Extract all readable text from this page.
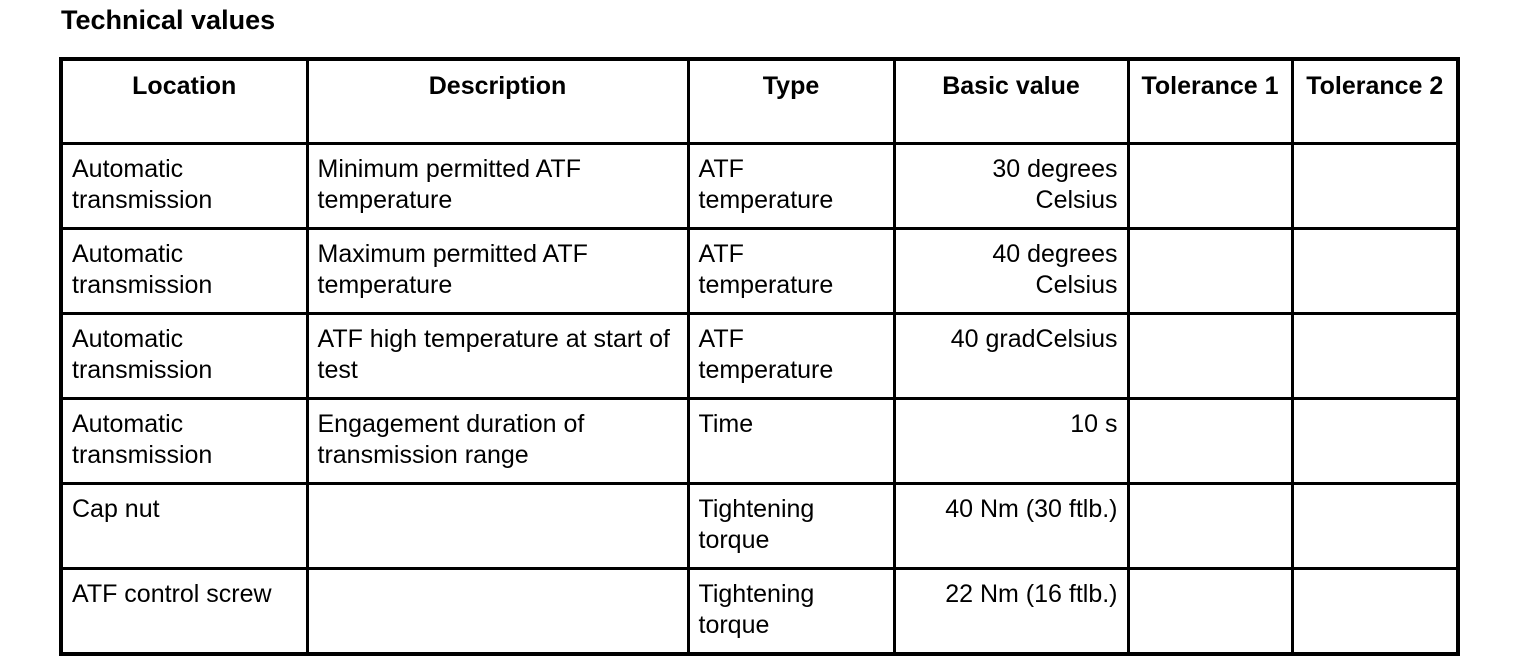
Technical values
Location	Description	Type	Basic value	Tolerance 1	Tolerance 2
Automatic transmission	Minimum permitted ATF temperature	ATF temperature	30 degrees Celsius		
Automatic transmission	Maximum permitted ATF temperature	ATF temperature	40 degrees Celsius		
Automatic transmission	ATF high temperature at start of test	ATF temperature	40 gradCelsius		
Automatic transmission	Engagement duration of transmission range	Time	10 s		
Cap nut		Tightening torque	40 Nm (30 ftlb.)		
ATF control screw		Tightening torque	22 Nm (16 ftlb.)		
